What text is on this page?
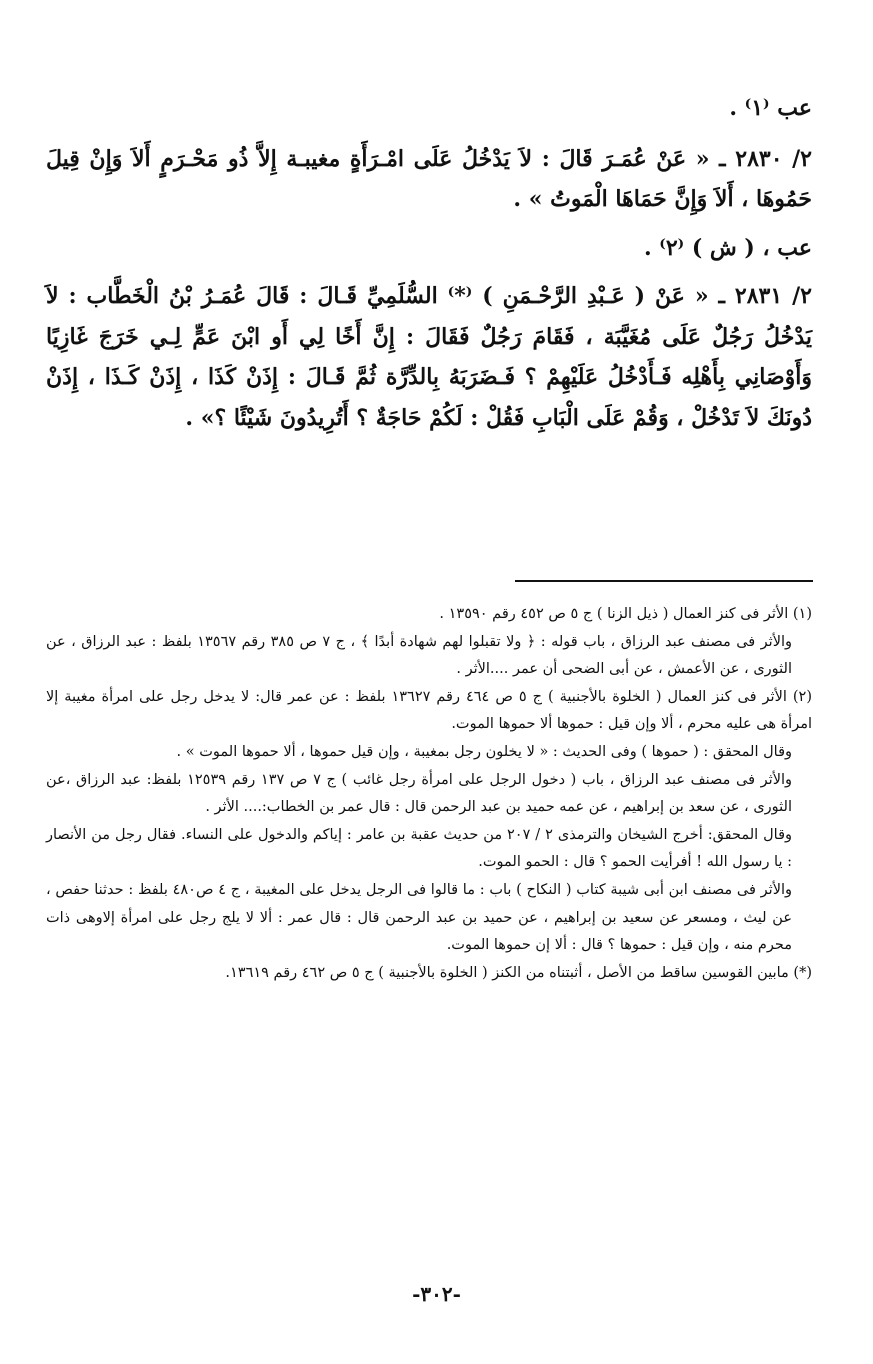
عب ⁽١⁾ .

٢/ ٢٨٣٠ ـ « عَنْ عُمَـرَ قَالَ : لاَ يَدْخُلُ عَلَى امْـرَأَةٍ مغيبـة إِلاَّ ذُو مَحْـرَمٍ أَلاَ وَإِنْ قِيلَ حَمُوهَا ، أَلاَ وَإِنَّ حَمَاهَا الْمَوتُ » .

عب ، ( ش ) ⁽٢⁾ .

٢/ ٢٨٣١ ـ « عَنْ ( عَـبْدِ الرَّحْـمَنِ ) ⁽*⁾ السُّلَمِيِّ قَـالَ : قَالَ عُمَـرُ بْنُ الْخَطَّاب : لاَ يَدْخُلُ رَجُلٌ عَلَى مُغَيَّبَة ، فَقَامَ رَجُلٌ فَقَالَ : إِنَّ أَخًا لِي أَو ابْنَ عَمٍّ لِـي خَرَجَ غَازِيًا وَأَوْصَانِي بِأَهْلِه فَـأَدْخُلُ عَلَيْهِمْ ؟ فَـضَرَبَهُ بِالدِّرَّة ثُمَّ قَـالَ : إِذَنْ كَذَا ، إِذَنْ كَـذَا ، إِذَنْ دُونَكَ لاَ تَدْخُلْ ، وَقُمْ عَلَى الْبَابِ فَقُلْ : لَكُمْ حَاجَةٌ ؟ أَتُرِيدُونَ شَيْئًا ؟» .

(١) الأثر فى كنز العمال ( ذيل الزنا ) ج ٥ ص ٤٥٢ رقم ١٣٥٩٠ .

والأثر فى مصنف عبد الرزاق ، باب قوله : ﴿ ولا تقبلوا لهم شهادة أبدًا ﴾ ، ج ٧ ص ٣٨٥ رقم ١٣٥٦٧ بلفظ : عبد الرزاق ، عن الثورى ، عن الأعمش ، عن أبى الضحى أن عمر ....الأثر .

(٢) الأثر فى كنز العمال ( الخلوة بالأجنبية ) ج ٥ ص ٤٦٤ رقم ١٣٦٢٧ بلفظ : عن عمر قال: لا يدخل رجل على امرأة مغيبة إلا امرأة هى عليه محرم ، ألا وإن قيل : حموها ألا حموها الموت.

وقال المحقق : ( حموها ) وفى الحديث : « لا يخلون رجل بمغيبة ، وإن قيل حموها ، ألا حموها الموت » .

والأثر فى مصنف عبد الرزاق ، باب ( دخول الرجل على امرأة رجل غائب ) ج ٧ ص ١٣٧ رقم ١٢٥٣٩ بلفظ: عبد الرزاق ،عن الثورى ، عن سعد بن إبراهيم ، عن عمه حميد بن عبد الرحمن قال : قال عمر بن الخطاب:.... الأثر .

وقال المحقق: أخرج الشيخان والترمذى ٢ / ٢٠٧ من حديث عقبة بن عامر : إياكم والدخول على النساء. فقال رجل من الأنصار : يا رسول الله ! أفرأيت الحمو ؟ قال : الحمو الموت.

والأثر فى مصنف ابن أبى شيبة كتاب ( النكاح ) باب : ما قالوا فى الرجل يدخل على المغيبة ، ج ٤ ص٤٨٠ بلفظ : حدثنا حفص ، عن ليث ، ومسعر عن سعيد بن إبراهيم ، عن حميد بن عبد الرحمن قال : قال عمر : ألا لا يلج رجل على امرأة إلاوهى ذات محرم منه ، وإن قيل : حموها ؟ قال : ألا إن حموها الموت.

(*) مابين القوسين ساقط من الأصل ، أثبتناه من الكنز ( الخلوة بالأجنبية ) ج ٥ ص ٤٦٢ رقم ١٣٦١٩.

-٣٠٢-
